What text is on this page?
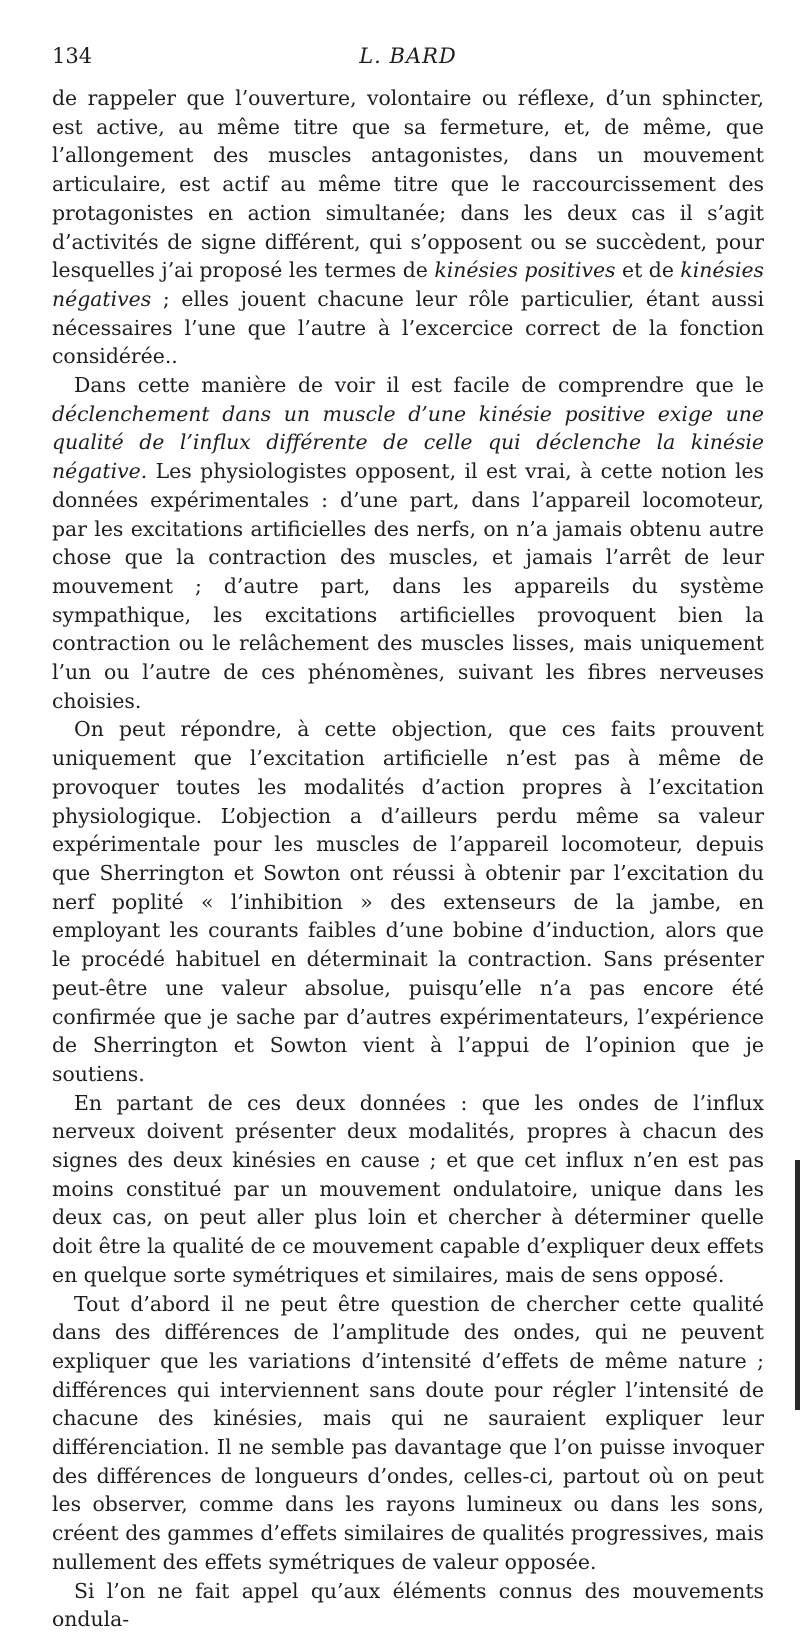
134	L. BARD

de rappeler que l’ouverture, volontaire ou réflexe, d’un sphincter, est active, au même titre que sa fermeture, et, de même, que l’allongement des muscles antagonistes, dans un mouvement articulaire, est actif au même titre que le raccourcissement des protagonistes en action simultanée; dans les deux cas il s’agit d’activités de signe différent, qui s’opposent ou se succèdent, pour lesquelles j’ai proposé les termes de kinésies positives et de kinésies négatives ; elles jouent chacune leur rôle particulier, étant aussi nécessaires l’une que l’autre à l’excercice correct de la fonction considérée..

Dans cette manière de voir il est facile de comprendre que le déclenchement dans un muscle d’une kinésie positive exige une qualité de l’influx différente de celle qui déclenche la kinésie négative. Les physiologistes opposent, il est vrai, à cette notion les données expérimentales : d’une part, dans l’appareil locomoteur, par les excitations artificielles des nerfs, on n’a jamais obtenu autre chose que la contraction des muscles, et jamais l’arrêt de leur mouvement ; d’autre part, dans les appareils du système sympathique, les excitations artificielles provoquent bien la contraction ou le relâchement des muscles lisses, mais uniquement l’un ou l’autre de ces phénomènes, suivant les fibres nerveuses choisies.

On peut répondre, à cette objection, que ces faits prouvent uniquement que l’excitation artificielle n’est pas à même de provoquer toutes les modalités d’action propres à l’excitation physiologique. L’objection a d’ailleurs perdu même sa valeur expérimentale pour les muscles de l’appareil locomoteur, depuis que Sherrington et Sowton ont réussi à obtenir par l’excitation du nerf poplité « l’inhibition » des extenseurs de la jambe, en employant les courants faibles d’une bobine d’induction, alors que le procédé habituel en déterminait la contraction. Sans présenter peut-être une valeur absolue, puisqu’elle n’a pas encore été confirmée que je sache par d’autres expérimentateurs, l’expérience de Sherrington et Sowton vient à l’appui de l’opinion que je soutiens.

En partant de ces deux données : que les ondes de l’influx nerveux doivent présenter deux modalités, propres à chacun des signes des deux kinésies en cause ; et que cet influx n’en est pas moins constitué par un mouvement ondulatoire, unique dans les deux cas, on peut aller plus loin et chercher à déterminer quelle doit être la qualité de ce mouvement capable d’expliquer deux effets en quelque sorte symétriques et similaires, mais de sens opposé.

Tout d’abord il ne peut être question de chercher cette qualité dans des différences de l’amplitude des ondes, qui ne peuvent expliquer que les variations d’intensité d’effets de même nature ; différences qui interviennent sans doute pour régler l’intensité de chacune des kinésies, mais qui ne sauraient expliquer leur différenciation. Il ne semble pas davantage que l’on puisse invoquer des différences de longueurs d’ondes, celles-ci, partout où on peut les observer, comme dans les rayons lumineux ou dans les sons, créent des gammes d’effets similaires de qualités progressives, mais nullement des effets symétriques de valeur opposée.

Si l’on ne fait appel qu’aux éléments connus des mouvements ondula-
